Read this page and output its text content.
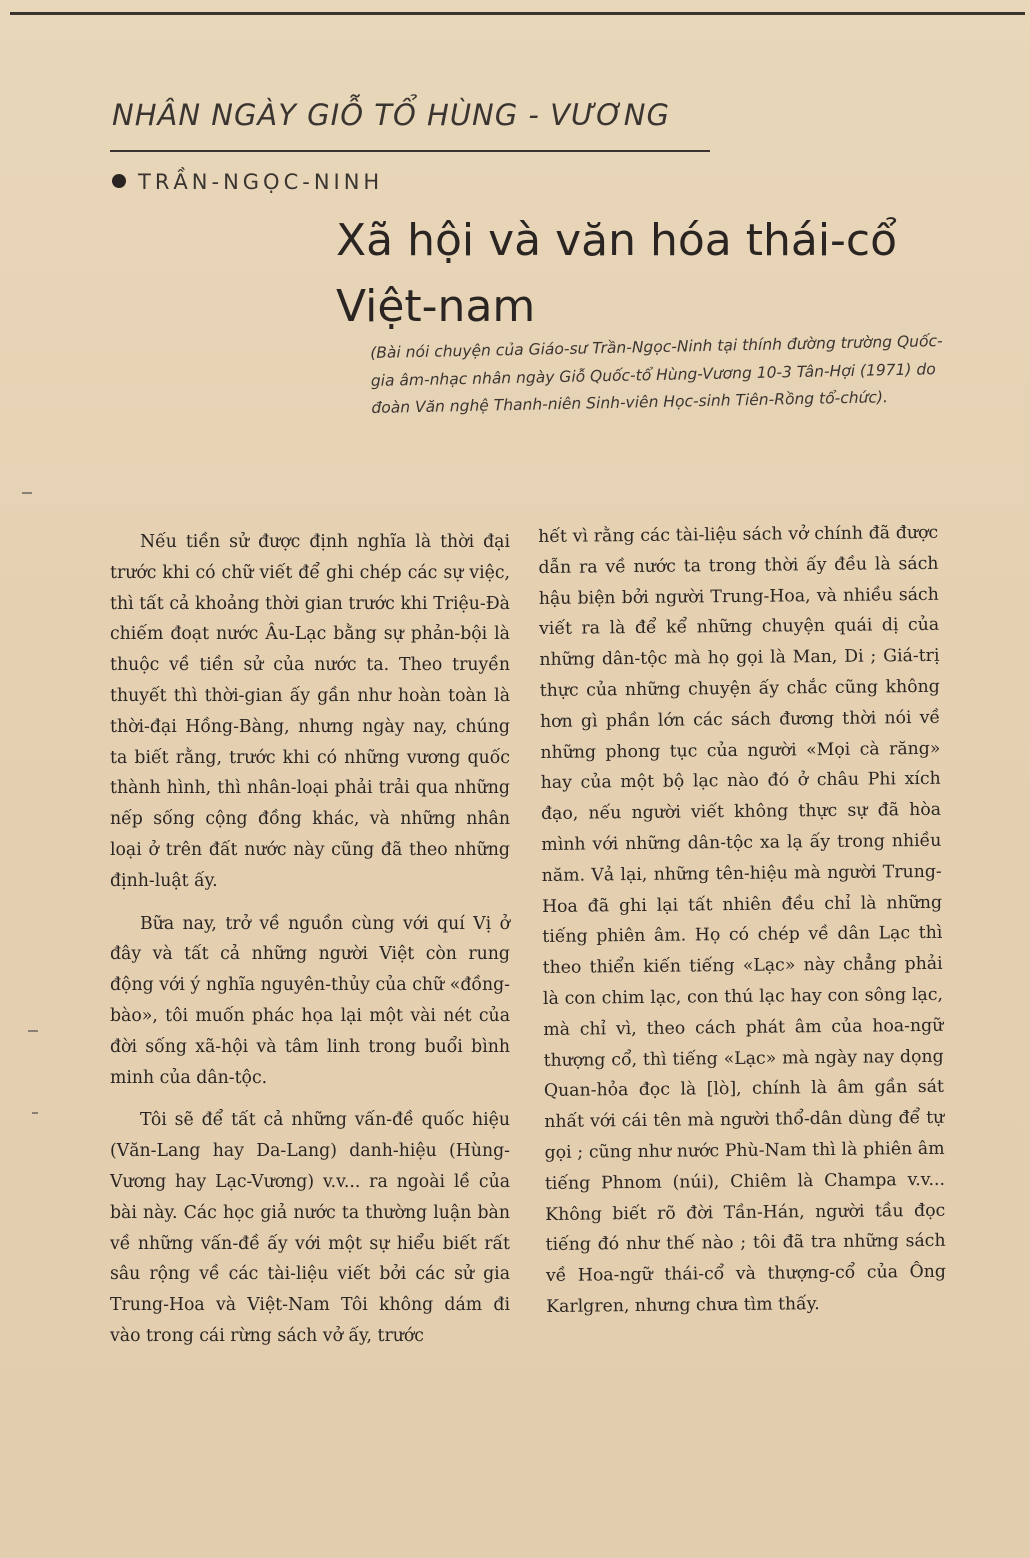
NHÂN NGÀY GIỖ TỔ HÙNG - VƯƠNG
TRẦN-NGỌC-NINH
Xã hội và văn hóa thái-cổ
Việt-nam
(Bài nói chuyện của Giáo-sư Trần-Ngọc-Ninh tại thính đường trường Quốc-gia âm-nhạc nhân ngày Giỗ Quốc-tổ Hùng-Vương 10-3 Tân-Hợi (1971) do đoàn Văn nghệ Thanh-niên Sinh-viên Học-sinh Tiên-Rồng tổ-chức).

Nếu tiền sử được định nghĩa là thời đại trước khi có chữ viết để ghi chép các sự việc, thì tất cả khoảng thời gian trước khi Triệu-Đà chiếm đoạt nước Âu-Lạc bằng sự phản-bội là thuộc về tiền sử của nước ta. Theo truyền thuyết thì thời-gian ấy gần như hoàn toàn là thời-đại Hồng-Bàng, nhưng ngày nay, chúng ta biết rằng, trước khi có những vương quốc thành hình, thì nhân-loại phải trải qua những nếp sống cộng đồng khác, và những nhân loại ở trên đất nước này cũng đã theo những định-luật ấy.

Bữa nay, trở về nguồn cùng với quí Vị ở đây và tất cả những người Việt còn rung động với ý nghĩa nguyên-thủy của chữ «đồng-bào», tôi muốn phác họa lại một vài nét của đời sống xã-hội và tâm linh trong buổi bình minh của dân-tộc.

Tôi sẽ để tất cả những vấn-đề quốc hiệu (Văn-Lang hay Da-Lang) danh-hiệu (Hùng-Vương hay Lạc-Vương) v.v... ra ngoài lề của bài này. Các học giả nước ta thường luận bàn về những vấn-đề ấy với một sự hiểu biết rất sâu rộng về các tài-liệu viết bởi các sử gia Trung-Hoa và Việt-Nam Tôi không dám đi vào trong cái rừng sách vở ấy, trước

hết vì rằng các tài-liệu sách vở chính đã được dẫn ra về nước ta trong thời ấy đều là sách hậu biện bởi người Trung-Hoa, và nhiều sách viết ra là để kể những chuyện quái dị của những dân-tộc mà họ gọi là Man, Di ; Giá-trị thực của những chuyện ấy chắc cũng không hơn gì phần lớn các sách đương thời nói về những phong tục của người «Mọi cà răng» hay của một bộ lạc nào đó ở châu Phi xích đạo, nếu người viết không thực sự đã hòa mình với những dân-tộc xa lạ ấy trong nhiều năm. Vả lại, những tên-hiệu mà người Trung-Hoa đã ghi lại tất nhiên đều chỉ là những tiếng phiên âm. Họ có chép về dân Lạc thì theo thiển kiến tiếng «Lạc» này chẳng phải là con chim lạc, con thú lạc hay con sông lạc, mà chỉ vì, theo cách phát âm của hoa-ngữ thượng cổ, thì tiếng «Lạc» mà ngày nay dọng Quan-hỏa đọc là [lò], chính là âm gần sát nhất với cái tên mà người thổ-dân dùng để tự gọi ; cũng như nước Phù-Nam thì là phiên âm tiếng Phnom (núi), Chiêm là Champa v.v... Không biết rõ đời Tần-Hán, người tầu đọc tiếng đó như thế nào ; tôi đã tra những sách về Hoa-ngữ thái-cổ và thượng-cổ của Ông Karlgren, nhưng chưa tìm thấy.
